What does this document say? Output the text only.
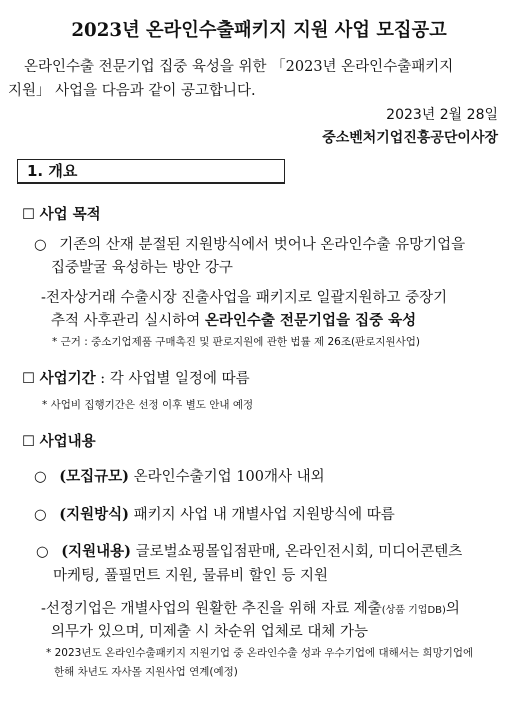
2023년 온라인수출패키지 지원 사업 모집공고
온라인수출 전문기업 집중 육성을 위한 「2023년 온라인수출패키지
지원」 사업을 다음과 같이 공고합니다.
2023년 2월 28일
중소벤처기업진흥공단이사장
1. 개요
☐ 사업 목적
○ 기존의 산재 분절된 지원방식에서 벗어나 온라인수출 유망기업을
집중발굴 육성하는 방안 강구
-전자상거래 수출시장 진출사업을 패키지로 일괄지원하고 중장기
추적 사후관리 실시하여 온라인수출 전문기업을 집중 육성
* 근거 : 중소기업제품 구매촉진 및 판로지원에 관한 법률 제 26조(판로지원사업)
☐ 사업기간 : 각 사업별 일정에 따름
* 사업비 집행기간은 선정 이후 별도 안내 예정
☐ 사업내용
○ (모집규모) 온라인수출기업 100개사 내외
○ (지원방식) 패키지 사업 내 개별사업 지원방식에 따름
○ (지원내용) 글로벌쇼핑몰입점판매, 온라인전시회, 미디어콘텐츠
마케팅, 풀필먼트 지원, 물류비 할인 등 지원
-선정기업은 개별사업의 원활한 추진을 위해 자료 제출(상품 기업DB)의
의무가 있으며, 미제출 시 차순위 업체로 대체 가능
* 2023년도 온라인수출패키지 지원기업 중 온라인수출 성과 우수기업에 대해서는 희망기업에
한해 차년도 자사몰 지원사업 연계(예정)
